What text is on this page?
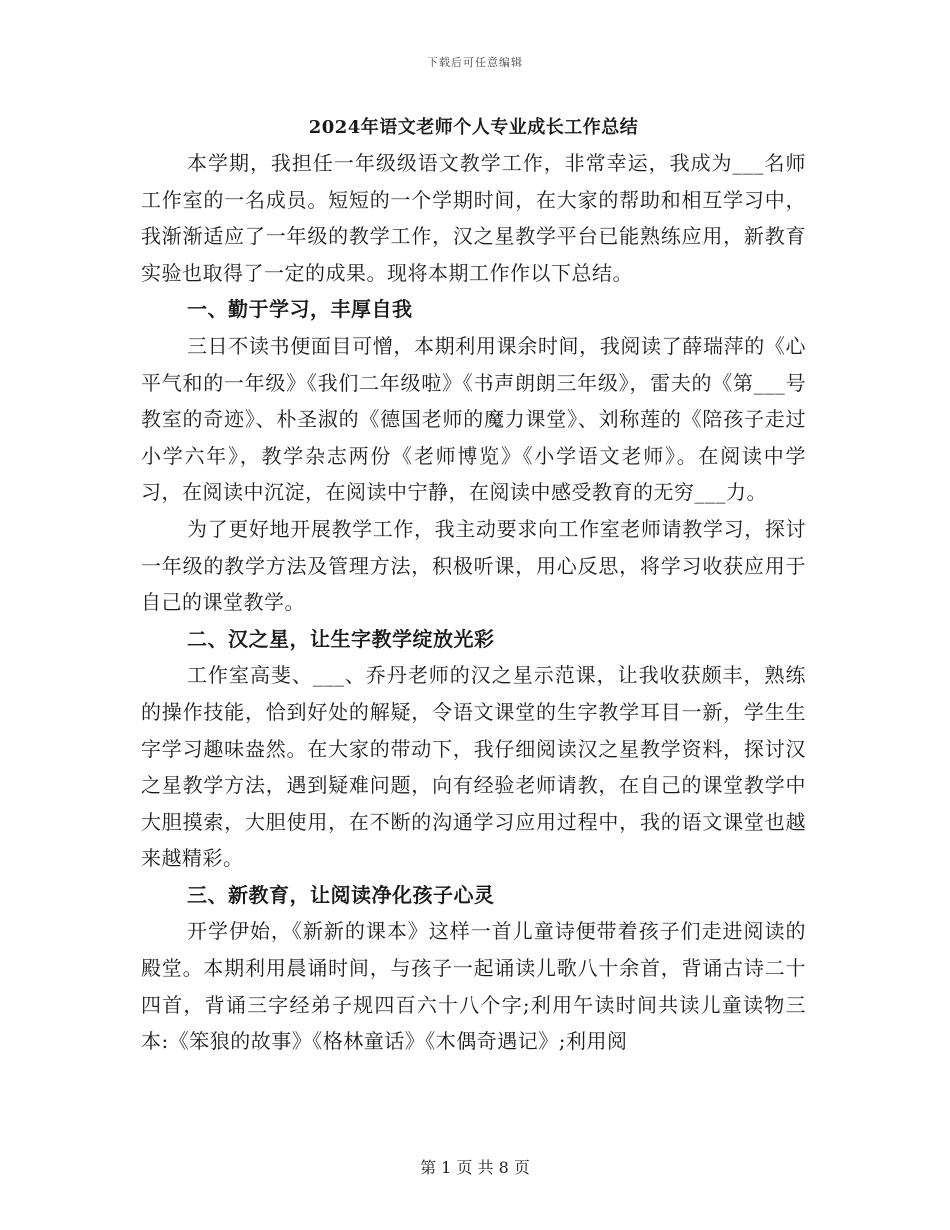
下载后可任意编辑
2024年语文老师个人专业成长工作总结

本学期，我担任一年级级语文教学工作，非常幸运，我成为___名师工作室的一名成员。短短的一个学期时间，在大家的帮助和相互学习中，我渐渐适应了一年级的教学工作，汉之星教学平台已能熟练应用，新教育实验也取得了一定的成果。现将本期工作作以下总结。

一、勤于学习，丰厚自我

三日不读书便面目可憎，本期利用课余时间，我阅读了薛瑞萍的《心平气和的一年级》《我们二年级啦》《书声朗朗三年级》，雷夫的《第___号教室的奇迹》、朴圣淑的《德国老师的魔力课堂》、刘称莲的《陪孩子走过小学六年》，教学杂志两份《老师博览》《小学语文老师》。在阅读中学习，在阅读中沉淀，在阅读中宁静，在阅读中感受教育的无穷___力。

为了更好地开展教学工作，我主动要求向工作室老师请教学习，探讨一年级的教学方法及管理方法，积极听课，用心反思，将学习收获应用于自己的课堂教学。

二、汉之星，让生字教学绽放光彩

工作室高斐、___、乔丹老师的汉之星示范课，让我收获颇丰，熟练的操作技能，恰到好处的解疑，令语文课堂的生字教学耳目一新，学生生字学习趣味盎然。在大家的带动下，我仔细阅读汉之星教学资料，探讨汉之星教学方法，遇到疑难问题，向有经验老师请教，在自己的课堂教学中大胆摸索，大胆使用，在不断的沟通学习应用过程中，我的语文课堂也越来越精彩。

三、新教育，让阅读净化孩子心灵

开学伊始，《新新的课本》这样一首儿童诗便带着孩子们走进阅读的殿堂。本期利用晨诵时间，与孩子一起诵读儿歌八十余首，背诵古诗二十四首，背诵三字经弟子规四百六十八个字;利用午读时间共读儿童读物三本:《笨狼的故事》《格林童话》《木偶奇遇记》;利用阅

第 1 页 共 8 页
